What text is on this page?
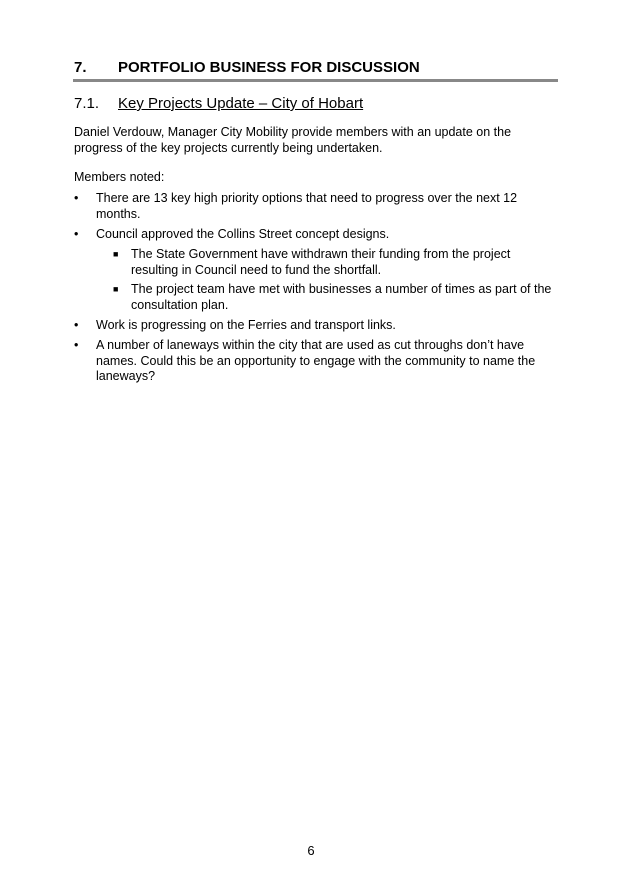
7. PORTFOLIO BUSINESS FOR DISCUSSION
7.1. Key Projects Update – City of Hobart
Daniel Verdouw, Manager City Mobility provide members with an update on the progress of the key projects currently being undertaken.
Members noted:
•	There are 13 key high priority options that need to progress over the next 12 months.
•	Council approved the Collins Street concept designs.
■ The State Government have withdrawn their funding from the project resulting in Council need to fund the shortfall.
■ The project team have met with businesses a number of times as part of the consultation plan.
•	Work is progressing on the Ferries and transport links.
•	A number of laneways within the city that are used as cut throughs don’t have names. Could this be an opportunity to engage with the community to name the laneways?
6
